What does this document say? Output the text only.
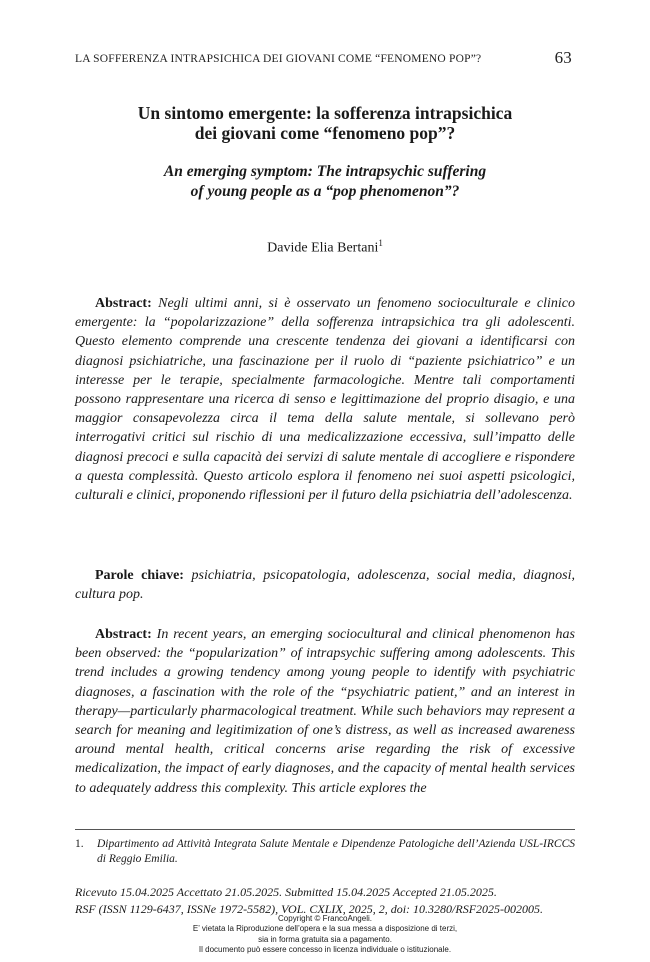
LA SOFFERENZA INTRAPSICHICA DEI GIOVANI COME “FENOMENO POP”?	63
Un sintomo emergente: la sofferenza intrapsichica
dei giovani come “fenomeno pop”?
An emerging symptom: The intrapsychic suffering
of young people as a “pop phenomenon”?
Davide Elia Bertani$^1$

Abstract: Negli ultimi anni, si è osservato un fenomeno socioculturale e clinico emergente: la “popolarizzazione” della sofferenza intrapsichica tra gli adolescenti. Questo elemento comprende una crescente tendenza dei giovani a identificarsi con diagnosi psichiatriche, una fascinazione per il ruolo di “paziente psichiatrico” e un interesse per le terapie, specialmente farmacologiche. Mentre tali comportamenti possono rappresentare una ricerca di senso e legittimazione del proprio disagio, e una maggior consapevolezza circa il tema della salute mentale, si sollevano però interrogativi critici sul rischio di una medicalizzazione eccessiva, sull’impatto delle diagnosi precoci e sulla capacità dei servizi di salute mentale di accogliere e rispondere a questa complessità. Questo articolo esplora il fenomeno nei suoi aspetti psicologici, culturali e clinici, proponendo riflessioni per il futuro della psichiatria dell’adolescenza.

Parole chiave: psichiatria, psicopatologia, adolescenza, social media, diagnosi, cultura pop.

Abstract: In recent years, an emerging sociocultural and clinical phenomenon has been observed: the “popularization” of intrapsychic suffering among adolescents. This trend includes a growing tendency among young people to identify with psychiatric diagnoses, a fascination with the role of the “psychiatric patient,” and an interest in therapy—particularly pharmacological treatment. While such behaviors may represent a search for meaning and legitimization of one’s distress, as well as increased awareness around mental health, critical concerns arise regarding the risk of excessive medicalization, the impact of early diagnoses, and the capacity of mental health services to adequately address this complexity. This article explores the

1. Dipartimento ad Attività Integrata Salute Mentale e Dipendenze Patologiche dell’Azienda USL-IRCCS di Reggio Emilia.
Ricevuto 15.04.2025 Accettato 21.05.2025. Submitted 15.04.2025 Accepted 21.05.2025.
RSF (ISSN 1129-6437, ISSNe 1972-5582), VOL. CXLIX, 2025, 2, doi: 10.3280/RSF2025-002005.
Copyright © FrancoAngeli.
E’ vietata la Riproduzione dell’opera e la sua messa a disposizione di terzi,
sia in forma gratuita sia a pagamento.
Il documento può essere concesso in licenza individuale o istituzionale.
